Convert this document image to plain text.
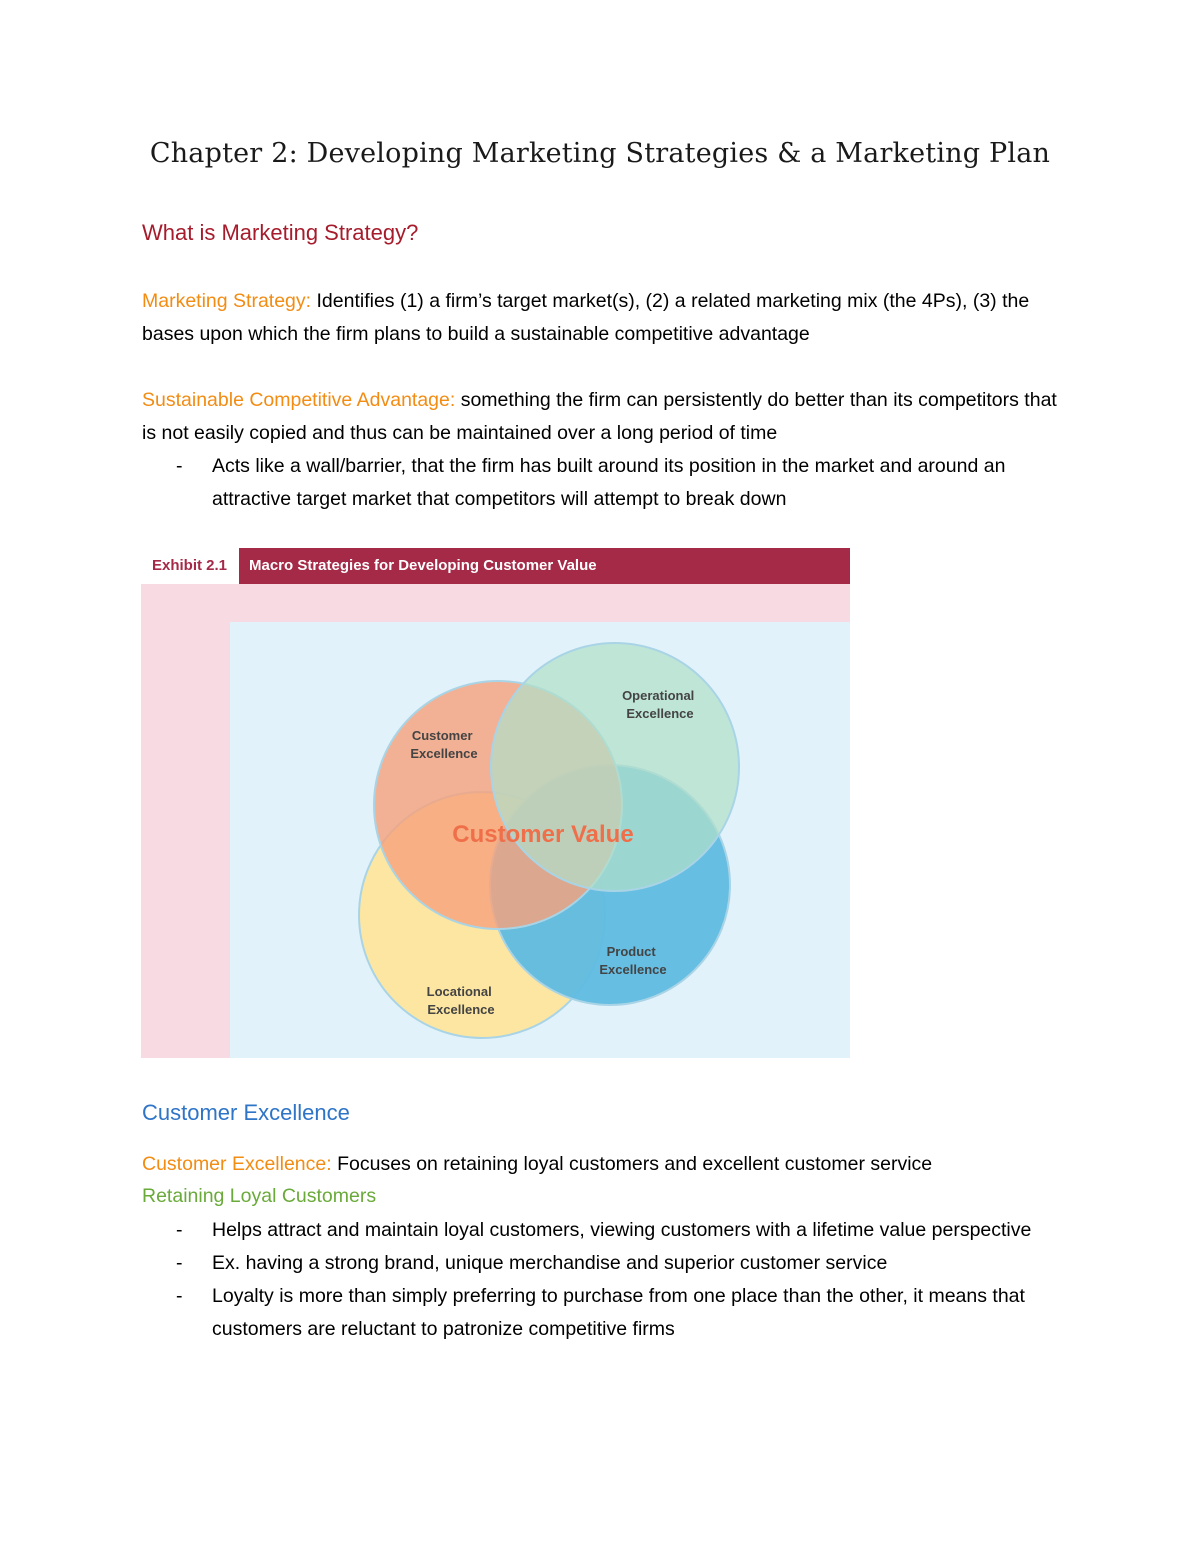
Chapter 2: Developing Marketing Strategies & a Marketing Plan
What is Marketing Strategy?
Marketing Strategy: Identifies (1) a firm’s target market(s), (2) a related marketing mix (the 4Ps), (3) the bases upon which the firm plans to build a sustainable competitive advantage
Sustainable Competitive Advantage: something the firm can persistently do better than its competitors that is not easily copied and thus can be maintained over a long period of time
- Acts like a wall/barrier, that the firm has built around its position in the market and around an attractive target market that competitors will attempt to break down
Exhibit 2.1	Macro Strategies for Developing Customer Value
Customer Excellence
Operational Excellence
Product Excellence
Locational Excellence
Customer Value
Customer Excellence
Customer Excellence: Focuses on retaining loyal customers and excellent customer service
Retaining Loyal Customers
- Helps attract and maintain loyal customers, viewing customers with a lifetime value perspective
- Ex. having a strong brand, unique merchandise and superior customer service
- Loyalty is more than simply preferring to purchase from one place than the other, it means that customers are reluctant to patronize competitive firms
